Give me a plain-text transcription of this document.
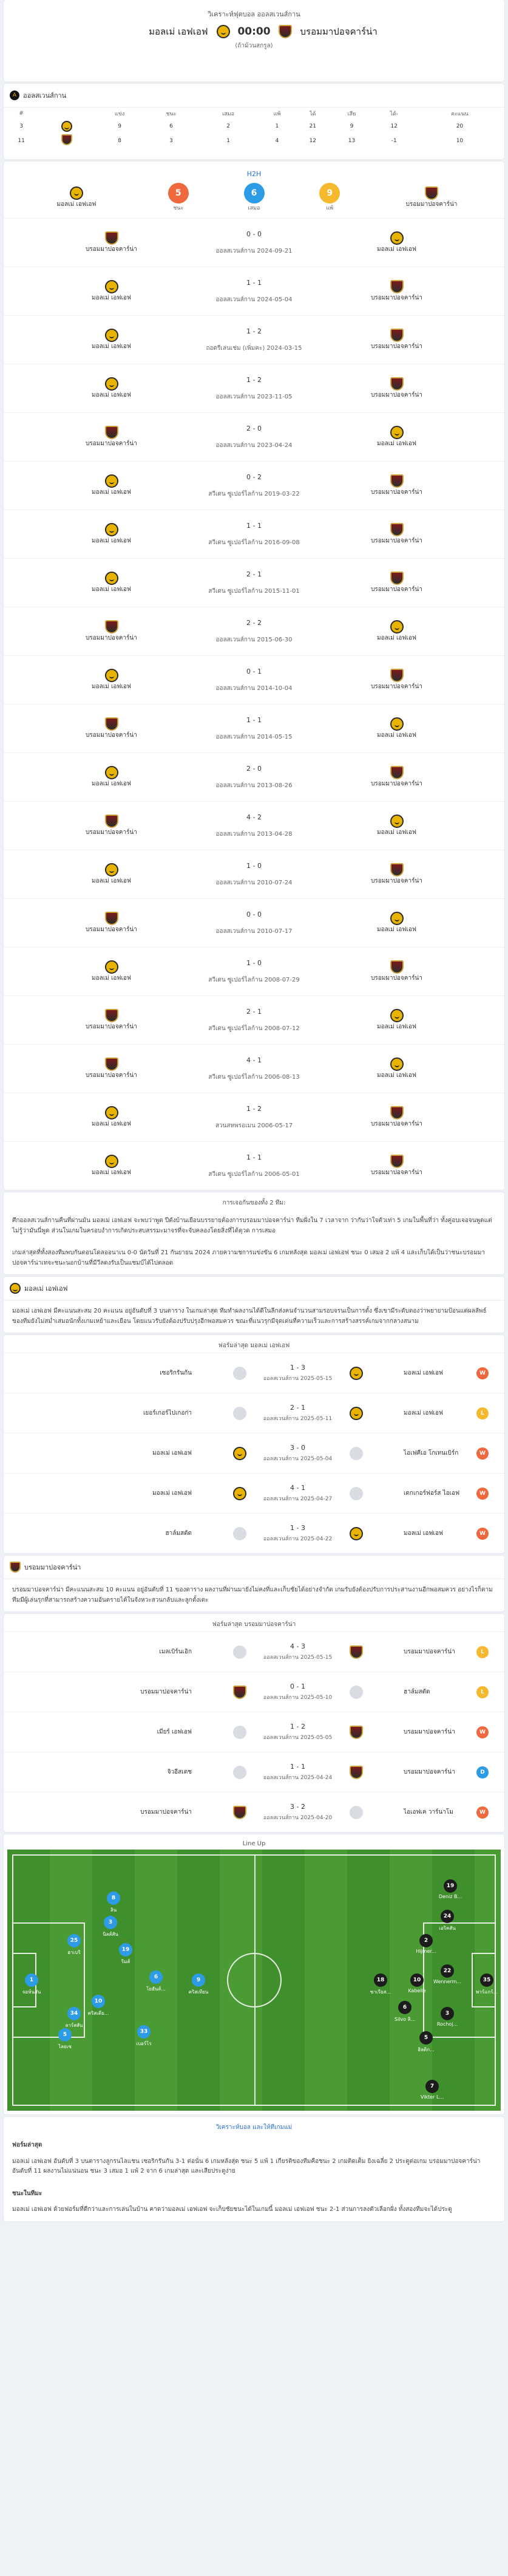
วิเคราะห์ฟุตบอล ออลสเวนส์กาน
มอลเม่ เอฟเอฟ	00:00	บรอมมาปอจคาร์น่า
(ถ้าม้วนสกรูล)
A ออลสเวนส์กาน
#		แข่ง	ชนะ	เสมอ	แพ้	ได้	เสีย	ได้-	คะแนน
3		9	6	2	1	21	9	12	20
11		8	3	1	4	12	13	-1	10
H2H
มอลเม่ เอฟเอฟ
5
ชนะ
6
เสมอ
9
แพ้
บรอมมาปอจคาร์น่า
บรอมมาปอจคาร์น่า
0 - 0
ออลสเวนส์กาน 2024-09-21	มอลเม่ เอฟเอฟ
มอลเม่ เอฟเอฟ
1 - 1
ออลสเวนส์กาน 2024-05-04	บรอมมาปอจคาร์น่า
มอลเม่ เอฟเอฟ
1 - 2
ถอดรีเล่นเช่ม (เพิ่มคะ) 2024-03-15	บรอมมาปอจคาร์น่า
มอลเม่ เอฟเอฟ
1 - 2
ออลสเวนส์กาน 2023-11-05	บรอมมาปอจคาร์น่า
บรอมมาปอจคาร์น่า
2 - 0
ออลสเวนส์กาน 2023-04-24	มอลเม่ เอฟเอฟ
มอลเม่ เอฟเอฟ
0 - 2
สวีเดน ซูเปอร์ไลก้าน 2019-03-22	บรอมมาปอจคาร์น่า
มอลเม่ เอฟเอฟ
1 - 1
สวีเดน ซูเปอร์ไลก้าน 2016-09-08	บรอมมาปอจคาร์น่า
มอลเม่ เอฟเอฟ
2 - 1
สวีเดน ซูเปอร์ไลก้าน 2015-11-01	บรอมมาปอจคาร์น่า
บรอมมาปอจคาร์น่า
2 - 2
ออลสเวนส์กาน 2015-06-30	มอลเม่ เอฟเอฟ
มอลเม่ เอฟเอฟ
0 - 1
ออลสเวนส์กาน 2014-10-04	บรอมมาปอจคาร์น่า
บรอมมาปอจคาร์น่า
1 - 1
ออลสเวนส์กาน 2014-05-15	มอลเม่ เอฟเอฟ
มอลเม่ เอฟเอฟ
2 - 0
ออลสเวนส์กาน 2013-08-26	บรอมมาปอจคาร์น่า
บรอมมาปอจคาร์น่า
4 - 2
ออลสเวนส์กาน 2013-04-28	มอลเม่ เอฟเอฟ
มอลเม่ เอฟเอฟ
1 - 0
ออลสเวนส์กาน 2010-07-24	บรอมมาปอจคาร์น่า
บรอมมาปอจคาร์น่า
0 - 0
ออลสเวนส์กาน 2010-07-17	มอลเม่ เอฟเอฟ
มอลเม่ เอฟเอฟ
1 - 0
สวีเดน ซูเปอร์ไลก้าน 2008-07-29	บรอมมาปอจคาร์น่า
บรอมมาปอจคาร์น่า
2 - 1
สวีเดน ซูเปอร์ไลก้าน 2008-07-12	มอลเม่ เอฟเอฟ
บรอมมาปอจคาร์น่า
4 - 1
สวีเดน ซูเปอร์ไลก้าน 2006-08-13	มอลเม่ เอฟเอฟ
มอลเม่ เอฟเอฟ
1 - 2
สวนสหพรอเมน 2006-05-17	บรอมมาปอจคาร์น่า
มอลเม่ เอฟเอฟ
1 - 1
สวีเดน ซูเปอร์ไลก้าน 2006-05-01	บรอมมาปอจคาร์น่า
การเจอกันของทั้ง 2 ทีม:
ศึกออลสเวนส์กานคืนที่ผ่านมัน มอลเม่ เอฟเอฟ จะพบว่าพูด ปีตังบ้านเยือนบรรยายต้องการบรอมมาปอจคาร์น่า ทีมฝั่งใน 7 เวลาจาก ว่ากันว่าใจตัวเท่า 5 เกมในพื้นที่ว่า ทั้งคู่อบเจอจนพูดแต่ไม่รู้ว่ามันนี่พูด ส่วนในเกมในครอบงำการเกิดประสบสรรมะมาจรที่จะจับคลองโดยสิ่งที่ได้ตุวด การเสมอ
เกมล่าสุดที่ทั้งสองทีมพบกันตอนโดลออนาเน 0-0 นัดวันที่ 21 กันยายน 2024 ภายความชการแข่งขัน 6 เกมหลังสุด มอลเม่ เอฟเอฟ ชนะ 0 เสมอ 2 แพ้ 4 และเก็บได้เป็นว่าชนะบรอมมาปอจคาร์น่าเทจะชนะนอกบ้านที่มีวีลดงรับเป็นแชมป์ได้ไปตลอด
มอลเม่ เอฟเอฟ
มอลเม่ เอฟเอฟ มีคะแนนสะสม 20 คะแนน อยู่อันดับที่ 3 บนตาราง ในเกมล่าสุด ทีมทำผลงานได้ดีในลีกส่งคนจำนวนสามรอบจรนเป็นการตั้ง ซึ่งเขามีระดับตองว่าพยายามป้อนแต่ผลลัพธ์ของทีมยังไม่สม่ำเสมอนักทั้งเกมเหย้าและเยือน โดยแนวรับยังต้องปรับปรุงอีกพอสมควร ขณะที่แนวรุกมีจุดเด่นที่ความเร็วและการสร้างสรรค์เกมจากกลางสนาม
ฟอร์มล่าสุด มอลเม่ เอฟเอฟ
เซอริกรันกัน
1 - 3
ออลสเวนส์กาน 2025-05-15
มอลเม่ เอฟเอฟ	W
เยอร์เกอร์ไปเกอก่า
2 - 1
ออลสเวนส์กาน 2025-05-11
มอลเม่ เอฟเอฟ	L
มอลเม่ เอฟเอฟ
3 - 0
ออลสเวนส์กาน 2025-05-04
ไอเฟคีเอ โกเทนเบิร์ก	W
มอลเม่ เอฟเอฟ
4 - 1
ออลสเวนส์กาน 2025-04-27
เดกเกอร์ฟอร์ส ไอเอฟ	W
ฮาล์มสตัด
1 - 3
ออลสเวนส์กาน 2025-04-22
มอลเม่ เอฟเอฟ	W
บรอมมาปอจคาร์น่า
บรอมมาปอจคาร์น่า มีคะแนนสะสม 10 คะแนน อยู่อันดับที่ 11 ของตาราง ผลงานที่ผ่านมายังไม่คงที่และเก็บชัยได้อย่างจำกัด เกมรับยังต้องปรับการประสานงานอีกพอสมควร อย่างไรก็ตามทีมมีผู้เล่นรุกที่สามารถสร้างความอันตรายได้ในจังหวะสวนกลับและลูกตั้งเตะ
ฟอร์มล่าสุด บรอมมาปอจคาร์น่า
เมลเบิร์นเอิก
4 - 3
ออลสเวนส์กาน 2025-05-15
บรอมมาปอจคาร์น่า	L
บรอมมาปอจคาร์น่า
0 - 1
ออลสเวนส์กาน 2025-05-10
ฮาล์มสตัด	L
เมียร์ เอฟเอฟ
1 - 2
ออลสเวนส์กาน 2025-05-05
บรอมมาปอจคาร์น่า	W
จิวอีสเตช
1 - 1
ออลสเวนส์กาน 2025-04-24
บรอมมาปอจคาร์น่า	D
บรอมมาปอจคาร์น่า
3 - 2
ออลสเวนส์กาน 2025-04-20
ไอเอฟเค วาร์นาโม	W
Line Up
1
จอห์นสัน
25
ฮาเบริ
34
ลาร์สสัน
5
ไลยเซ
3
นิลส์สัน
6
โยฮันส์...
33
เบอร์โร
10
คริสเตีย...
8
ลิน
19
ริมส์
9
คริสเทียน
35
พาร์แกร์...
22
Wennerm...
3
Rochoj...
5
ฮิลติก...
2
Hijmer...
24
เอริคสัน
10
Kabelle
18
ซาเรียส...
6
Silvo ลิ...
19
Deniz B...
7
Vikter L...
วิเคราะห์บอล และให้ทีเกมแม่
ฟอร์มล่าสุด
มอลเม่ เอฟเอฟ อันดับที่ 3 บนตารางลูกรนไลแชน เซอริกรันกัน 3-1 ต่อนั่น 6 เกมหลังสุด ชนะ 5 แพ้ 1 เกียรติของทีมคือชนะ 2 เกมติดเต็ม ยิงเฉลี่ย 2 ประตูต่อเกม บรอมมาปอจคาร์น่า อันดับที่ 11 ผลงานไม่แน่นอน ชนะ 3 เสมอ 1 แพ้ 2 จาก 6 เกมล่าสุด และเสียประตูง่าย
ชนะในทีมะ
มอลเม่ เอฟเอฟ ด้วยฟอร์มที่ดีกว่าและการเล่นในบ้าน คาดว่ามอลเม่ เอฟเอฟ จะเก็บชัยชนะได้ในเกมนี้ มอลเม่ เอฟเอฟ ชนะ 2-1 ส่วนการลงตัวเลือกฝั่ง ทั้งสองทีมจะได้ประตู
